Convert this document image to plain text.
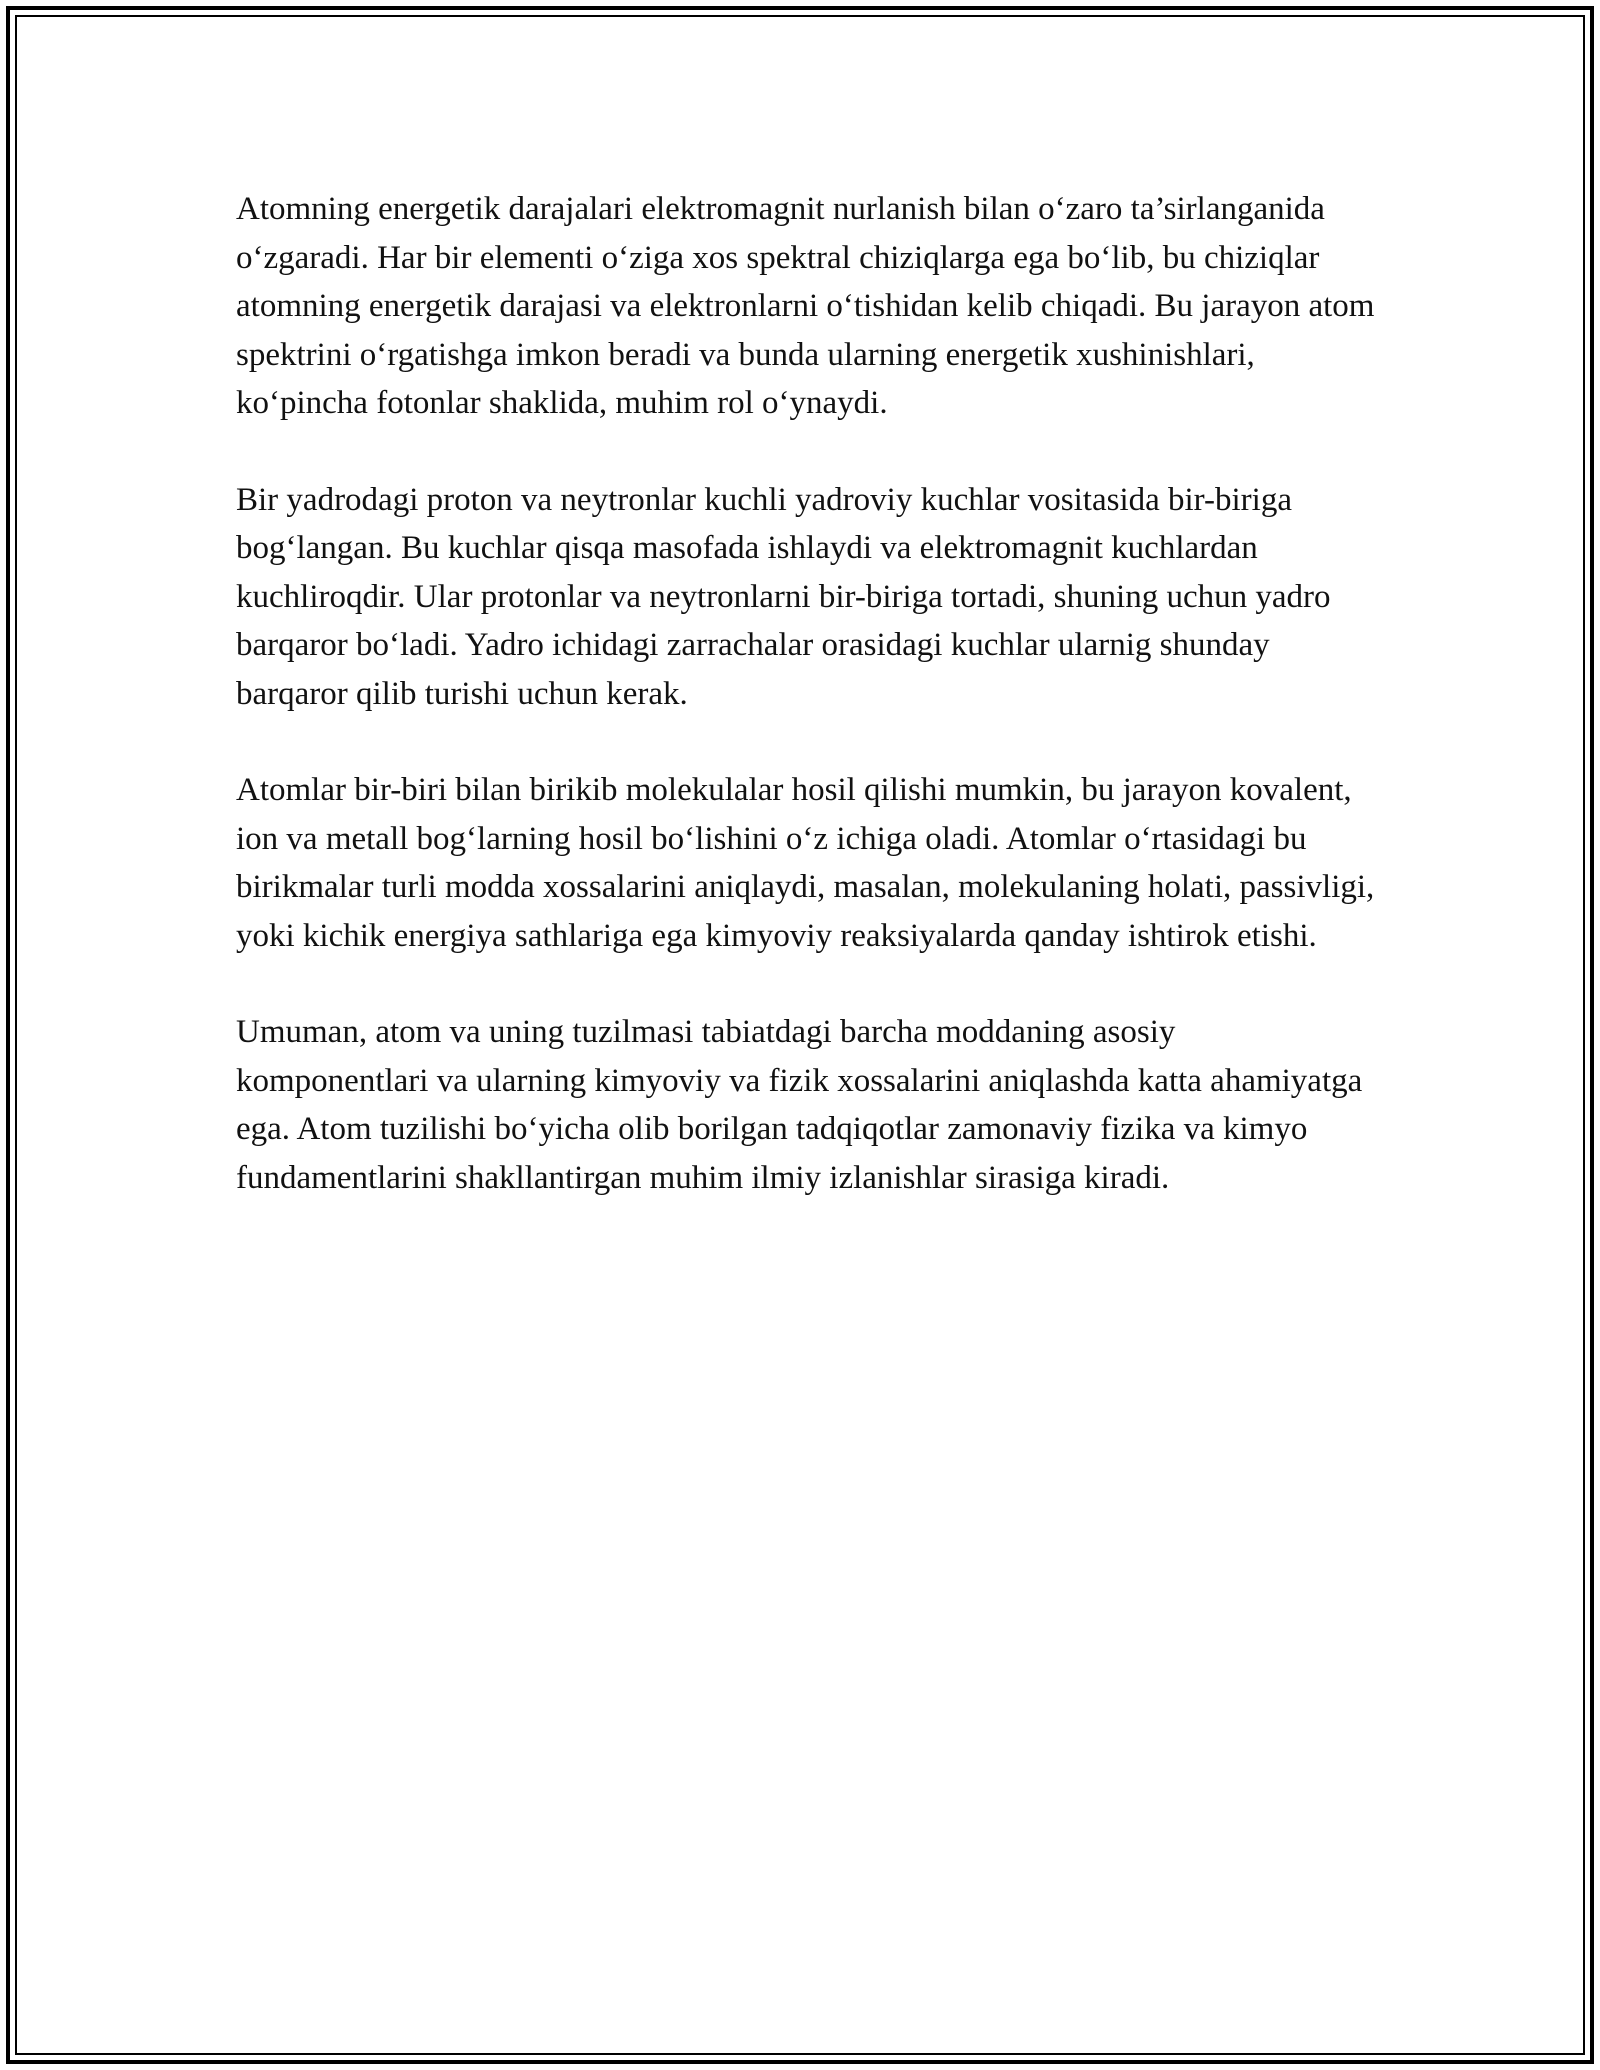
Atomning energetik darajalari elektromagnit nurlanish bilan o‘zaro ta’sirlanganida o‘zgaradi. Har bir elementi o‘ziga xos spektral chiziqlarga ega bo‘lib, bu chiziqlar atomning energetik darajasi va elektronlarni o‘tishidan kelib chiqadi. Bu jarayon atom spektrini o‘rgatishga imkon beradi va bunda ularning energetik xushinishlari, ko‘pincha fotonlar shaklida, muhim rol o‘ynaydi.

Bir yadrodagi proton va neytronlar kuchli yadroviy kuchlar vositasida bir-biriga bog‘langan. Bu kuchlar qisqa masofada ishlaydi va elektromagnit kuchlardan kuchliroqdir. Ular protonlar va neytronlarni bir-biriga tortadi, shuning uchun yadro barqaror bo‘ladi. Yadro ichidagi zarrachalar orasidagi kuchlar ularnig shunday barqaror qilib turishi uchun kerak.

Atomlar bir-biri bilan birikib molekulalar hosil qilishi mumkin, bu jarayon kovalent, ion va metall bog‘larning hosil bo‘lishini o‘z ichiga oladi. Atomlar o‘rtasidagi bu birikmalar turli modda xossalarini aniqlaydi, masalan, molekulaning holati, passivligi, yoki kichik energiya sathlariga ega kimyoviy reaksiyalarda qanday ishtirok etishi.

Umuman, atom va uning tuzilmasi tabiatdagi barcha moddaning asosiy komponentlari va ularning kimyoviy va fizik xossalarini aniqlashda katta ahamiyatga ega. Atom tuzilishi bo‘yicha olib borilgan tadqiqotlar zamonaviy fizika va kimyo fundamentlarini shakllantirgan muhim ilmiy izlanishlar sirasiga kiradi.
